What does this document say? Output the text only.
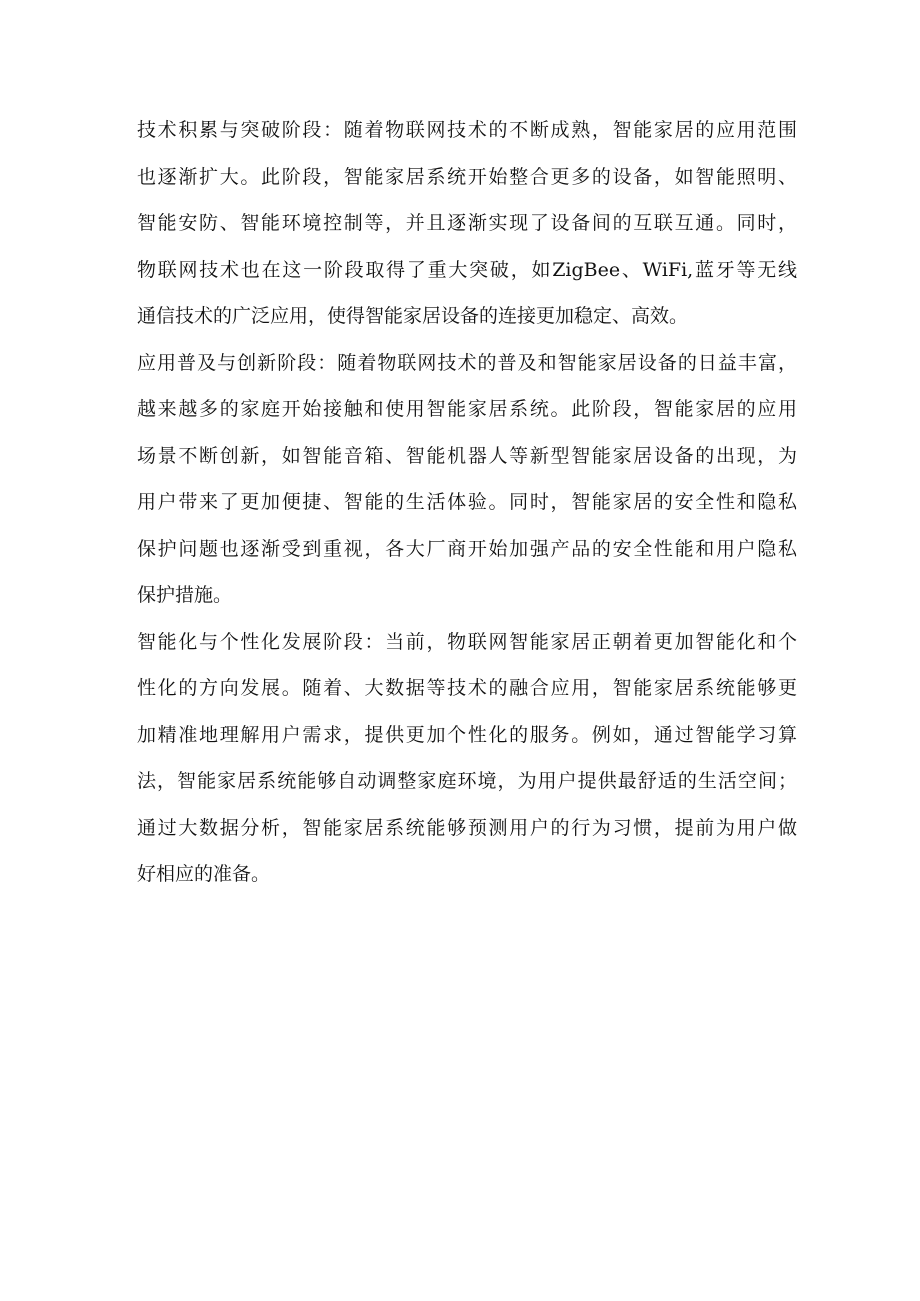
技术积累与突破阶段：随着物联网技术的不断成熟，智能家居的应用范围
也逐渐扩大。此阶段，智能家居系统开始整合更多的设备，如智能照明、
智能安防、智能环境控制等，并且逐渐实现了设备间的互联互通。同时，
物联网技术也在这一阶段取得了重大突破，如ZigBee、WiFi,蓝牙等无线
通信技术的广泛应用，使得智能家居设备的连接更加稳定、高效。

应用普及与创新阶段：随着物联网技术的普及和智能家居设备的日益丰富，
越来越多的家庭开始接触和使用智能家居系统。此阶段，智能家居的应用
场景不断创新，如智能音箱、智能机器人等新型智能家居设备的出现，为
用户带来了更加便捷、智能的生活体验。同时，智能家居的安全性和隐私
保护问题也逐渐受到重视，各大厂商开始加强产品的安全性能和用户隐私
保护措施。

智能化与个性化发展阶段：当前，物联网智能家居正朝着更加智能化和个
性化的方向发展。随着、大数据等技术的融合应用，智能家居系统能够更
加精准地理解用户需求，提供更加个性化的服务。例如，通过智能学习算
法，智能家居系统能够自动调整家庭环境，为用户提供最舒适的生活空间；
通过大数据分析，智能家居系统能够预测用户的行为习惯，提前为用户做
好相应的准备。
